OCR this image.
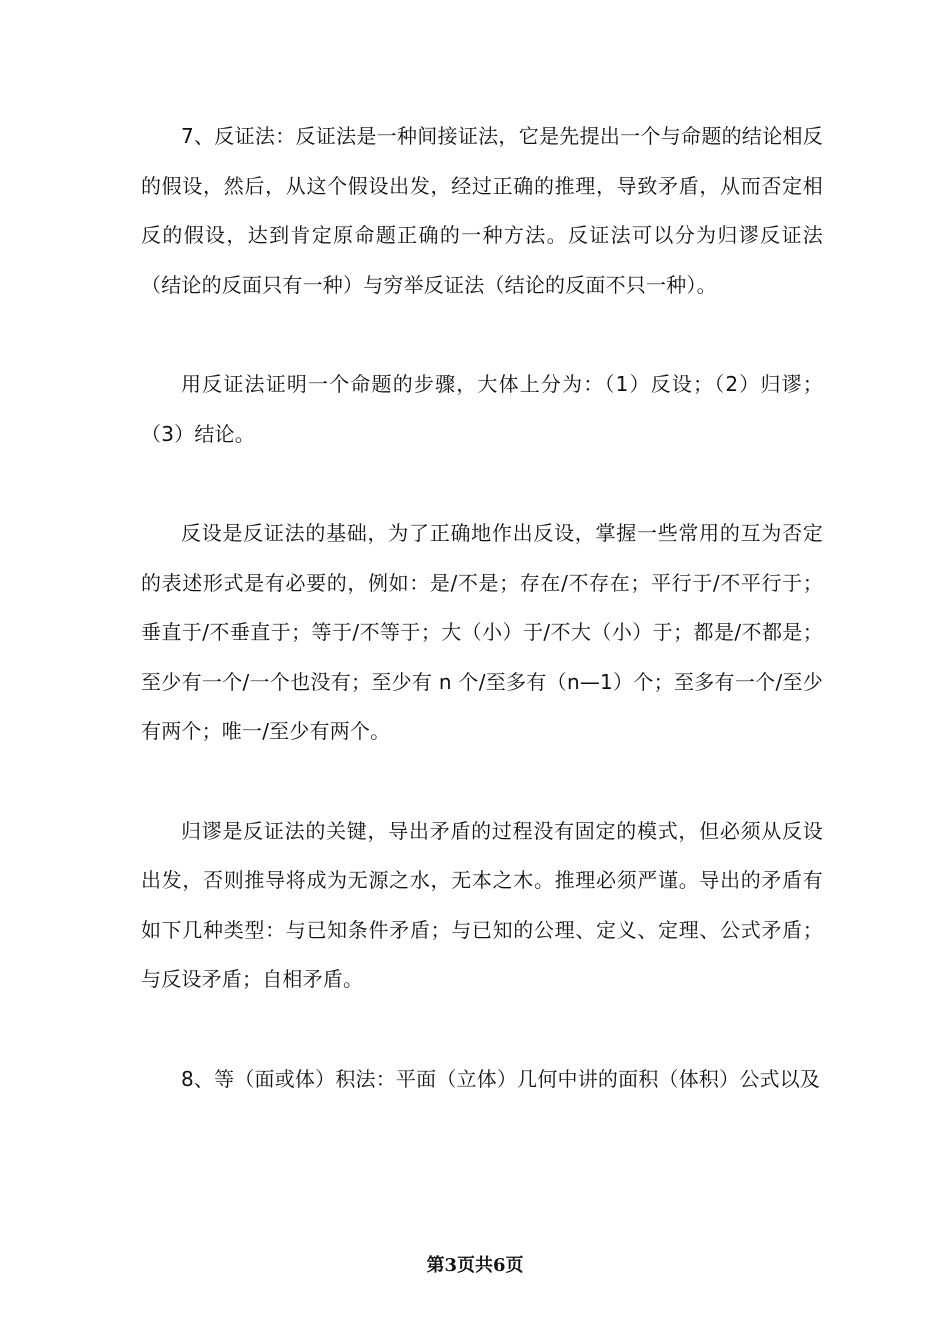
7、反证法：反证法是一种间接证法，它是先提出一个与命题的结论相反的假设，然后，从这个假设出发，经过正确的推理，导致矛盾，从而否定相反的假设，达到肯定原命题正确的一种方法。反证法可以分为归谬反证法（结论的反面只有一种）与穷举反证法（结论的反面不只一种）。

用反证法证明一个命题的步骤，大体上分为：（1）反设；（2）归谬；（3）结论。

反设是反证法的基础，为了正确地作出反设，掌握一些常用的互为否定的表述形式是有必要的，例如：是/不是；存在/不存在；平行于/不平行于；垂直于/不垂直于；等于/不等于；大（小）于/不大（小）于；都是/不都是；至少有一个/一个也没有；至少有 n 个/至多有（n—1）个；至多有一个/至少有两个；唯一/至少有两个。

归谬是反证法的关键，导出矛盾的过程没有固定的模式，但必须从反设出发，否则推导将成为无源之水，无本之木。推理必须严谨。导出的矛盾有如下几种类型：与已知条件矛盾；与已知的公理、定义、定理、公式矛盾；与反设矛盾；自相矛盾。

8、等（面或体）积法：平面（立体）几何中讲的面积（体积）公式以及

第3页共6页
